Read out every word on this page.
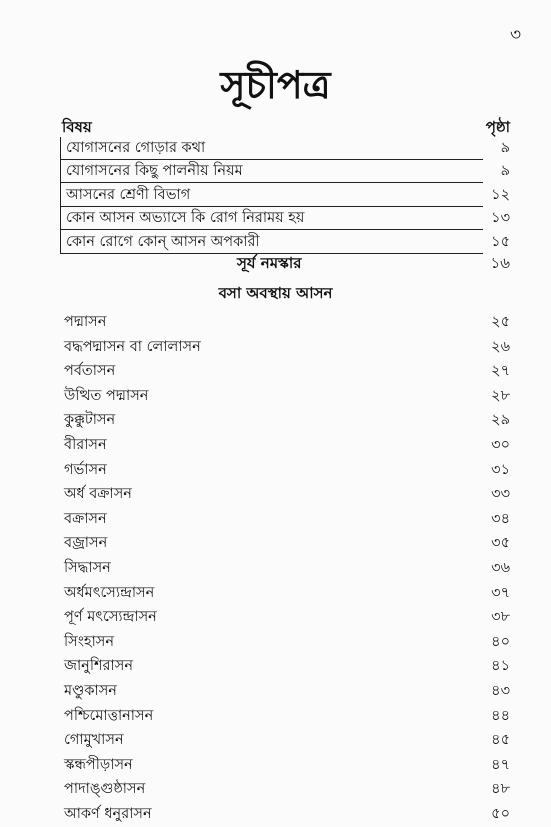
৩
সূচীপত্র
বিষয়	পৃষ্ঠা
যোগাসনের গোড়ার কথা	৯
যোগাসনের কিছু পালনীয় নিয়ম	৯
আসনের শ্রেণী বিভাগ	১২
কোন আসন অভ্যাসে কি রোগ নিরাময় হয়	১৩
কোন রোগে কোন্ আসন অপকারী	১৫
সূর্য নমস্কার	১৬
বসা অবস্থায় আসন
পদ্মাসন	২৫
বদ্ধপদ্মাসন বা লোলাসন	২৬
পর্বতাসন	২৭
উত্থিত পদ্মাসন	২৮
কুক্কুটাসন	২৯
বীরাসন	৩০
গর্ভাসন	৩১
অর্ধ বক্রাসন	৩৩
বক্রাসন	৩৪
বজ্রাসন	৩৫
সিদ্ধাসন	৩৬
অর্ধমৎস্যেন্দ্রাসন	৩৭
পূর্ণ মৎস্যেন্দ্রাসন	৩৮
সিংহাসন	৪০
জানুশিরাসন	৪১
মণ্ডুকাসন	৪৩
পশ্চিমোত্তানাসন	৪৪
গোমুখাসন	৪৫
স্কন্ধপীড়াসন	৪৭
পাদাঙ্গুষ্ঠাসন	৪৮
আকর্ণ ধনুরাসন	৫০
